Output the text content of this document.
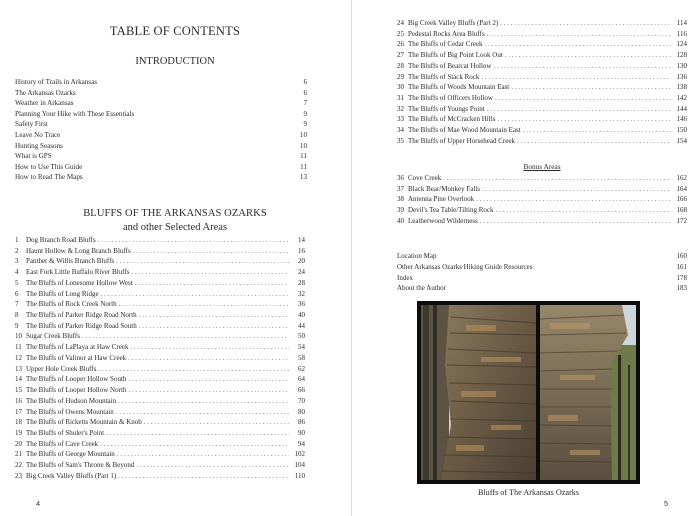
TABLE OF CONTENTS
INTRODUCTION
History of Trails in Arkansas	6
The Arkansas Ozarks	6
Weather in Arkansas	7
Planning Your Hike with These Essentials	9
Safety First	9
Leave No Trace	10
Hunting Seasons	10
What is GPS	11
How to Use This Guide	11
How to Read The Maps	13
BLUFFS OF THE ARKANSAS OZARKS
and other Selected Areas
1	Dog Branch Road Bluffs . . .	14
2	Haunt Hollow & Long Branch Bluffs . . .	16
3	Panther & Willis Branch Bluffs . . .	20
4	East Fork Little Buffalo River Bluffs . . .	24
5	The Bluffs of Lonesome Hollow West . . .	28
6	The Bluffs of Long Ridge . . .	32
7	The Bluffs of Rock Creek North . . .	36
8	The Bluffs of Parker Ridge Road North . . .	40
9	The Bluffs of Parker Ridge Road South . . .	44
10 Sugar Creek Bluffs . . .	50
11 The Bluffs of LaPlaya at Haw Creek . . .	54
12 The Bluffs of Valinor at Haw Creek . . .	58
13 Upper Hole Creek Bluffs . . .	62
14 The Bluffs of Looper Hollow South . . .	64
15 The Bluffs of Looper Hollow North . . .	66
16 The Bluffs of Hudson Mountain . . .	70
17 The Bluffs of Owens Mountain . . .	80
18 The Bluffs of Ricketts Mountain & Knob . . .	86
19 The Bluffs of Shuler's Point . . .	90
20 The Bluffs of Cave Creek . . .	94
21 The Bluffs of George Mountain . . .	102
22 The Bluffs of Sam's Throne & Beyond . . .	104
23 Big Creek Valley Bluffs (Part 1) . . .	110
4
24 Big Creek Valley Bluffs (Part 2) . . .	114
25 Pedestal Rocks Area Bluffs . . .	116
26 The Bluffs of Cedar Creek . . .	124
27 The Bluffs of Big Point Look Out . . .	128
28 The Bluffs of Bearcat Hollow . . .	130
29 The Bluffs of Stack Rock . . .	136
30 The Bluffs of Woods Mountain East . . .	138
31 The Bluffs of Officers Hollow . . .	142
32 The Bluffs of Youngs Point . . .	144
33 The Bluffs of McCracken Hills . . .	146
34 The Bluffs of Mae Wood Mountain East . . .	150
35 The Bluffs of Upper Horsehead Creek . . .	154
Bonus Areas
36 Cove Creek . . .	162
37 Black Bear/Monkey Falls . . .	164
38 Antenna Pine Overlook . . .	166
39 Devil's Tea Table/Tilting Rock . . .	168
40 Leatherwood Wilderness . . .	172
Location Map	160
Other Arkansas Ozarks Hiking Guide Resources	161
Index	178
About the Author	183
Bluffs of The Arkansas Ozarks
5
